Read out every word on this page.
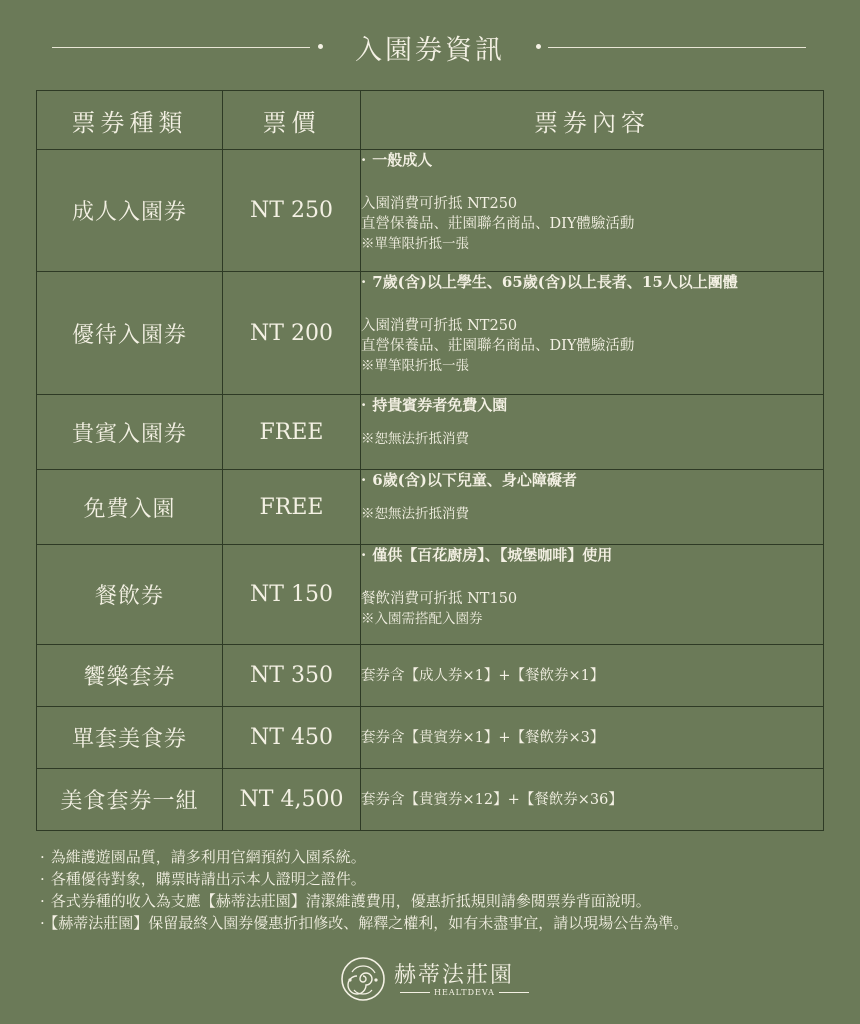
入園券資訊
票券種類	票價	票券內容
成人入園券	NT 250	· 一般成人
入園消費可折抵 NT250
直營保養品、莊園聯名商品、DIY體驗活動
※單筆限折抵一張

優待入園券	NT 200	· 7歲(含)以上學生、65歲(含)以上長者、15人以上團體
入園消費可折抵 NT250
直營保養品、莊園聯名商品、DIY體驗活動
※單筆限折抵一張

貴賓入園券	FREE	· 持貴賓券者免費入園
※恕無法折抵消費

免費入園	FREE	· 6歲(含)以下兒童、身心障礙者
※恕無法折抵消費

餐飲券	NT 150	· 僅供【百花廚房】、【城堡咖啡】使用
餐飲消費可折抵 NT150
※入園需搭配入園券

饗樂套券	NT 350	套券含【成人券×1】+【餐飲券×1】

單套美食券	NT 450	套券含【貴賓券×1】+【餐飲券×3】

美食套券一組	NT 4,500	套券含【貴賓券×12】+【餐飲券×36】
· 為維護遊園品質，請多利用官網預約入園系統。
· 各種優待對象，購票時請出示本人證明之證件。
· 各式券種的收入為支應【赫蒂法莊園】清潔維護費用，優惠折抵規則請參閱票券背面說明。
· 【赫蒂法莊園】保留最終入園券優惠折扣修改、解釋之權利，如有未盡事宜，請以現場公告為準。
赫蒂法莊園
HEALTDEVA
